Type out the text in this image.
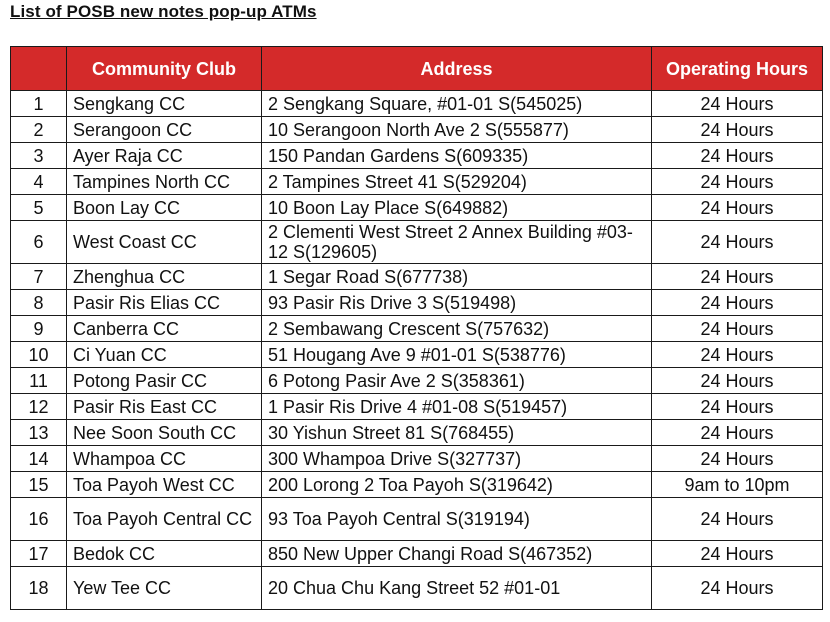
List of POSB new notes pop-up ATMs
	Community Club	Address	Operating Hours
1	Sengkang CC	2 Sengkang Square, #01-01 S(545025)	24 Hours
2	Serangoon CC	10 Serangoon North Ave 2 S(555877)	24 Hours
3	Ayer Raja CC	150 Pandan Gardens S(609335)	24 Hours
4	Tampines North CC	2 Tampines Street 41 S(529204)	24 Hours
5	Boon Lay CC	10 Boon Lay Place S(649882)	24 Hours
6	West Coast CC	2 Clementi West Street 2 Annex Building #03-12 S(129605)	24 Hours
7	Zhenghua CC	1 Segar Road S(677738)	24 Hours
8	Pasir Ris Elias CC	93 Pasir Ris Drive 3 S(519498)	24 Hours
9	Canberra CC	2 Sembawang Crescent S(757632)	24 Hours
10	Ci Yuan CC	51 Hougang Ave 9 #01-01 S(538776)	24 Hours
11	Potong Pasir CC	6 Potong Pasir Ave 2 S(358361)	24 Hours
12	Pasir Ris East CC	1 Pasir Ris Drive 4 #01-08 S(519457)	24 Hours
13	Nee Soon South CC	30 Yishun Street 81 S(768455)	24 Hours
14	Whampoa CC	300 Whampoa Drive S(327737)	24 Hours
15	Toa Payoh West CC	200 Lorong 2 Toa Payoh S(319642)	9am to 10pm
16	Toa Payoh Central CC	93 Toa Payoh Central S(319194)	24 Hours
17	Bedok CC	850 New Upper Changi Road S(467352)	24 Hours
18	Yew Tee CC	20 Chua Chu Kang Street 52 #01-01	24 Hours
